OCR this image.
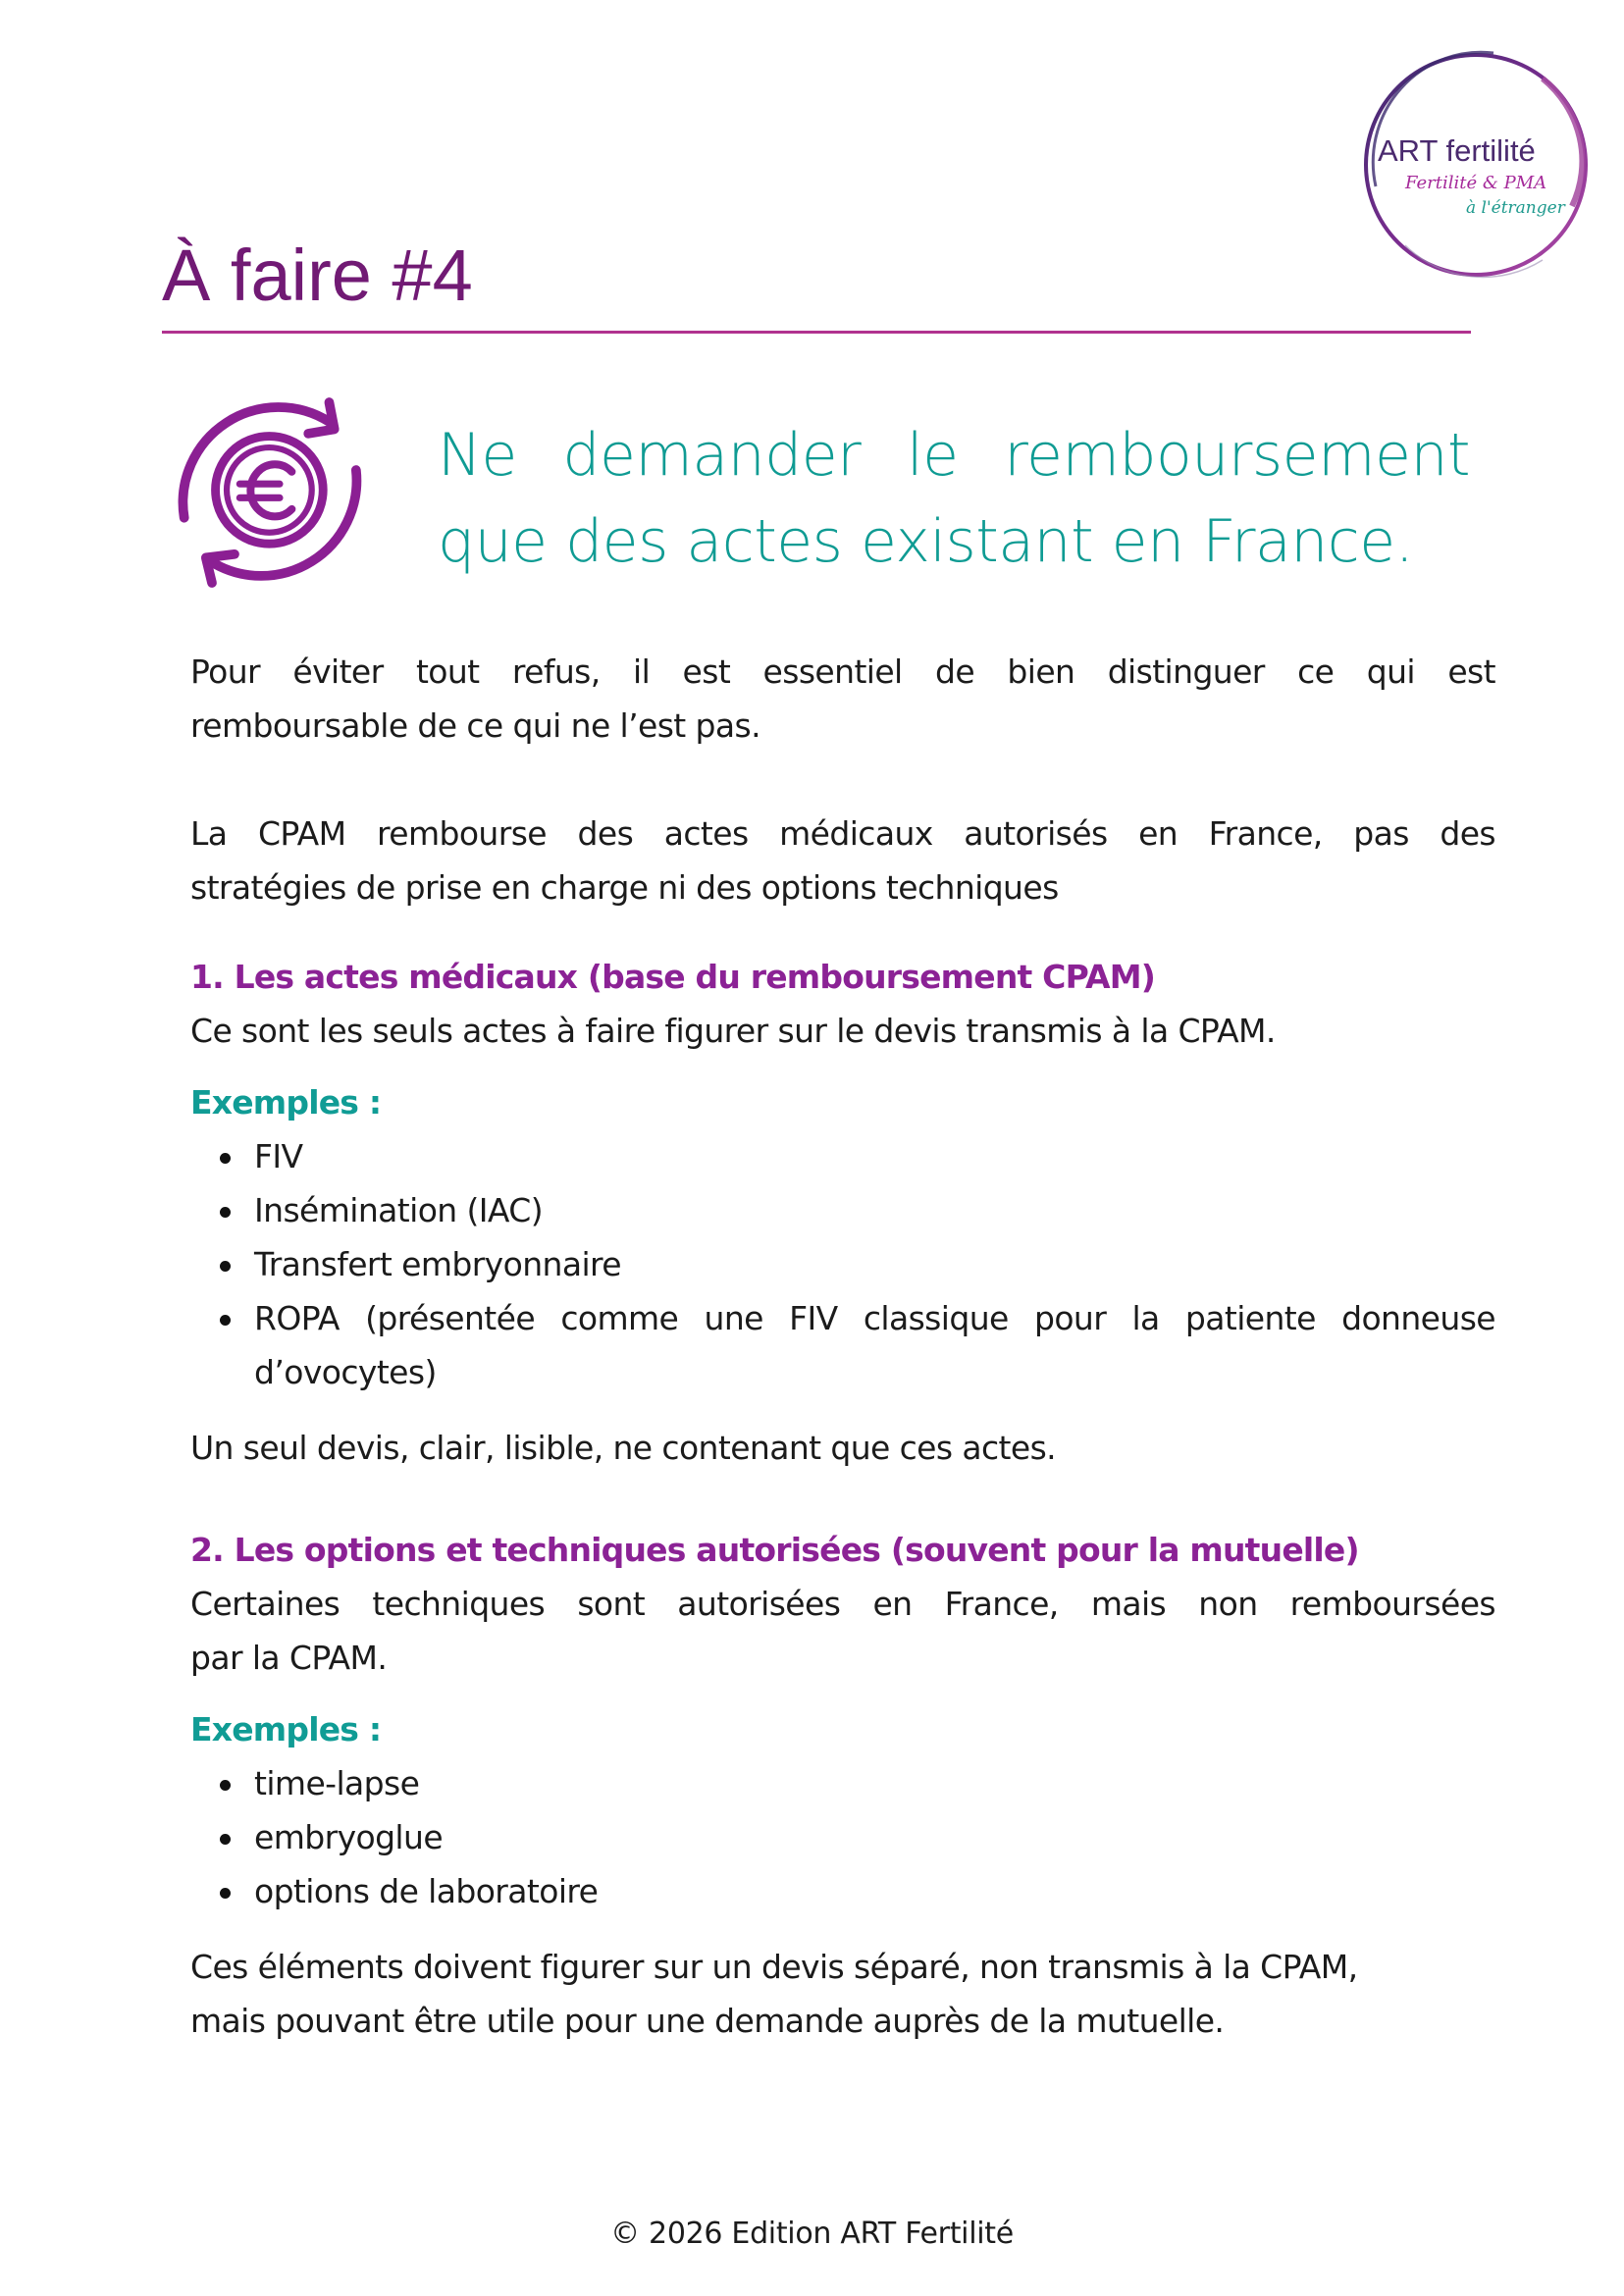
ART fertilité
Fertilité & PMA
à l'étranger
À faire #4
Ne demander le remboursement
que des actes existant en France.
Pour éviter tout refus, il est essentiel de bien distinguer ce qui est
remboursable de ce qui ne l’est pas.
La CPAM rembourse des actes médicaux autorisés en France, pas des
stratégies de prise en charge ni des options techniques
1. Les actes médicaux (base du remboursement CPAM)
Ce sont les seuls actes à faire figurer sur le devis transmis à la CPAM.
Exemples :
FIV
Insémination (IAC)
Transfert embryonnaire
ROPA (présentée comme une FIV classique pour la patiente donneuse
d’ovocytes)
Un seul devis, clair, lisible, ne contenant que ces actes.
2. Les options et techniques autorisées (souvent pour la mutuelle)
Certaines techniques sont autorisées en France, mais non remboursées
par la CPAM.
Exemples :
time-lapse
embryoglue
options de laboratoire
Ces éléments doivent figurer sur un devis séparé, non transmis à la CPAM,
mais pouvant être utile pour une demande auprès de la mutuelle.
© 2026 Edition ART Fertilité
